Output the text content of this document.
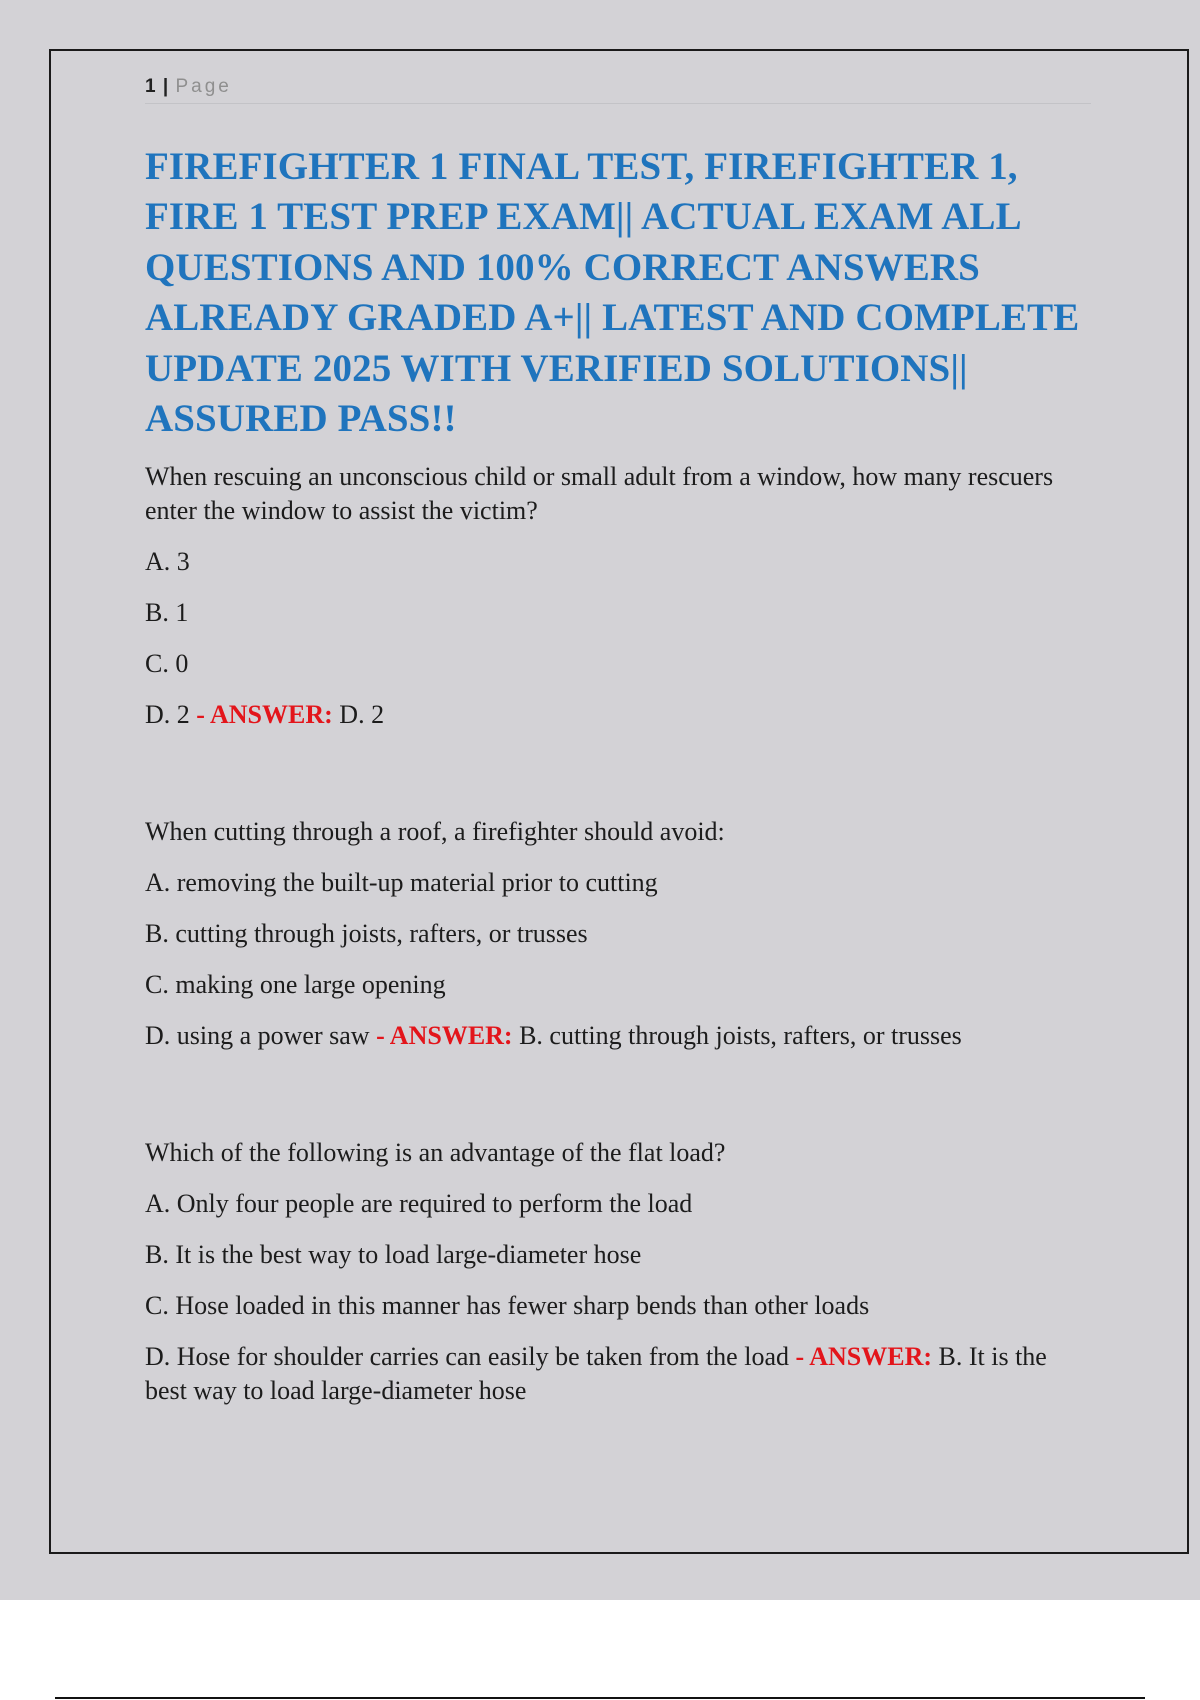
1 | Page
FIREFIGHTER 1 FINAL TEST, FIREFIGHTER 1, FIRE 1 TEST PREP EXAM|| ACTUAL EXAM ALL QUESTIONS AND 100% CORRECT ANSWERS ALREADY GRADED A+|| LATEST AND COMPLETE UPDATE 2025 WITH VERIFIED SOLUTIONS|| ASSURED PASS!!

When rescuing an unconscious child or small adult from a window, how many rescuers enter the window to assist the victim?

A. 3

B. 1

C. 0

D. 2 - ANSWER: D. 2

When cutting through a roof, a firefighter should avoid:

A. removing the built-up material prior to cutting

B. cutting through joists, rafters, or trusses

C. making one large opening

D. using a power saw - ANSWER: B. cutting through joists, rafters, or trusses

Which of the following is an advantage of the flat load?

A. Only four people are required to perform the load

B. It is the best way to load large-diameter hose

C. Hose loaded in this manner has fewer sharp bends than other loads

D. Hose for shoulder carries can easily be taken from the load - ANSWER: B. It is the best way to load large-diameter hose
